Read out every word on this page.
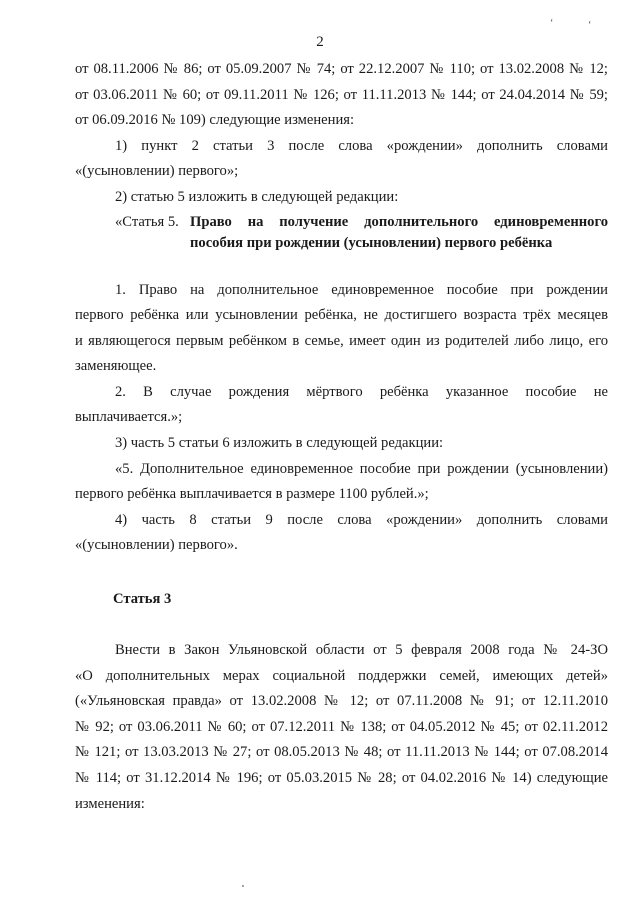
‘	‘
2
от 08.11.2006 № 86; от 05.09.2007 № 74; от 22.12.2007 № 110; от 13.02.2008 № 12;
от 03.06.2011 № 60; от 09.11.2011 № 126; от 11.11.2013 № 144; от 24.04.2014 № 59;
от 06.09.2016 № 109) следующие изменения:
1) пункт 2 статьи 3 после слова «рождении» дополнить словами
«(усыновлении) первого»;
2) статью 5 изложить в следующей редакции:
«Статья 5. Право на получение дополнительного единовременного
пособия при рождении (усыновлении) первого ребёнка
1. Право на дополнительное единовременное пособие при рождении
первого ребёнка или усыновлении ребёнка, не достигшего возраста трёх месяцев
и являющегося первым ребёнком в семье, имеет один из родителей либо лицо, его
заменяющее.
2. В случае рождения мёртвого ребёнка указанное пособие не
выплачивается.»;
3) часть 5 статьи 6 изложить в следующей редакции:
«5. Дополнительное единовременное пособие при рождении (усыновлении)
первого ребёнка выплачивается в размере 1100 рублей.»;
4) часть 8 статьи 9 после слова «рождении» дополнить словами
«(усыновлении) первого».
Статья 3
Внести в Закон Ульяновской области от 5 февраля 2008 года № 24-ЗО
«О дополнительных мерах социальной поддержки семей, имеющих детей»
(«Ульяновская правда» от 13.02.2008 № 12; от 07.11.2008 № 91; от 12.11.2010
№ 92; от 03.06.2011 № 60; от 07.12.2011 № 138; от 04.05.2012 № 45; от 02.11.2012
№ 121; от 13.03.2013 № 27; от 08.05.2013 № 48; от 11.11.2013 № 144; от 07.08.2014
№ 114; от 31.12.2014 № 196; от 05.03.2015 № 28; от 04.02.2016 № 14) следующие
изменения:
